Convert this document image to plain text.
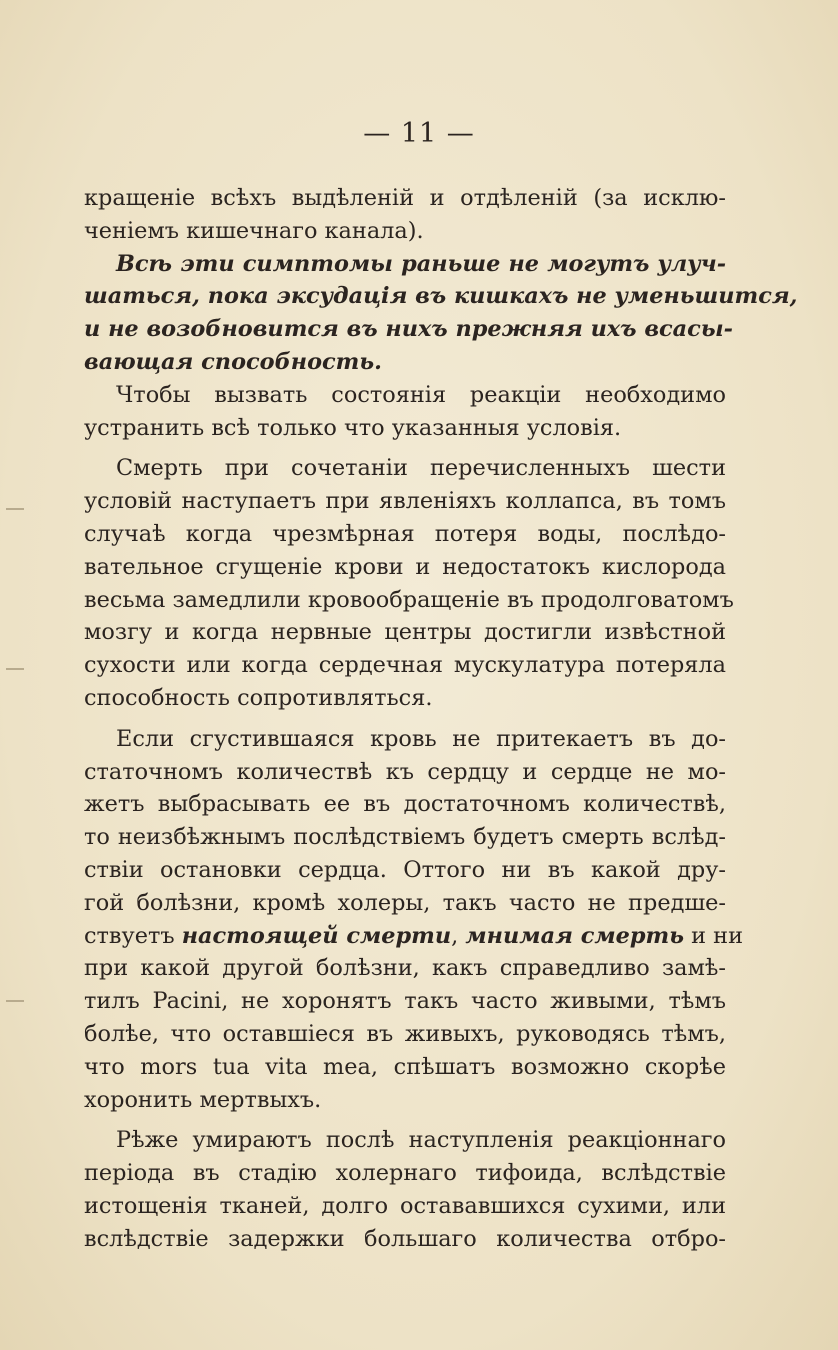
— 11 —

кращеніе всѣхъ выдѣленій и отдѣленій (за исклю-
ченіемъ кишечнаго канала).

Всѣ эти симптомы раньше не могутъ улуч-
шаться, пока эксудація въ кишкахъ не уменьшится,
и не возобновится въ нихъ прежняя ихъ всасы-
вающая способность.

Чтобы вызвать состоянія реакціи необходимо
устранить всѣ только что указанныя условія.

Смерть при сочетаніи перечисленныхъ шести
условій наступаетъ при явленіяхъ коллапса, въ томъ
случаѣ когда чрезмѣрная потеря воды, послѣдо-
вательное сгущеніе крови и недостатокъ кислорода
весьма замедлили кровообращеніе въ продолговатомъ
мозгу и когда нервные центры достигли извѣстной
сухости или когда сердечная мускулатура потеряла
способность сопротивляться.

Если сгустившаяся кровь не притекаетъ въ до-
статочномъ количествѣ къ сердцу и сердце не мо-
жетъ выбрасывать ее въ достаточномъ количествѣ,
то неизбѣжнымъ послѣдствіемъ будетъ смерть вслѣд-
ствіи остановки сердца. Оттого ни въ какой дру-
гой болѣзни, кромѣ холеры, такъ часто не предше-
ствуетъ настоящей смерти, мнимая смерть и ни
при какой другой болѣзни, какъ справедливо замѣ-
тилъ Pacini, не хоронятъ такъ часто живыми, тѣмъ
болѣе, что оставшіеся въ живыхъ, руководясь тѣмъ,
что mors tua vita mea, спѣшатъ возможно скорѣе
хоронить мертвыхъ.

Рѣже умираютъ послѣ наступленія реакціоннаго
періода въ стадію холернаго тифоида, вслѣдствіе
истощенія тканей, долго остававшихся сухими, или
вслѣдствіе задержки большаго количества отбро-
